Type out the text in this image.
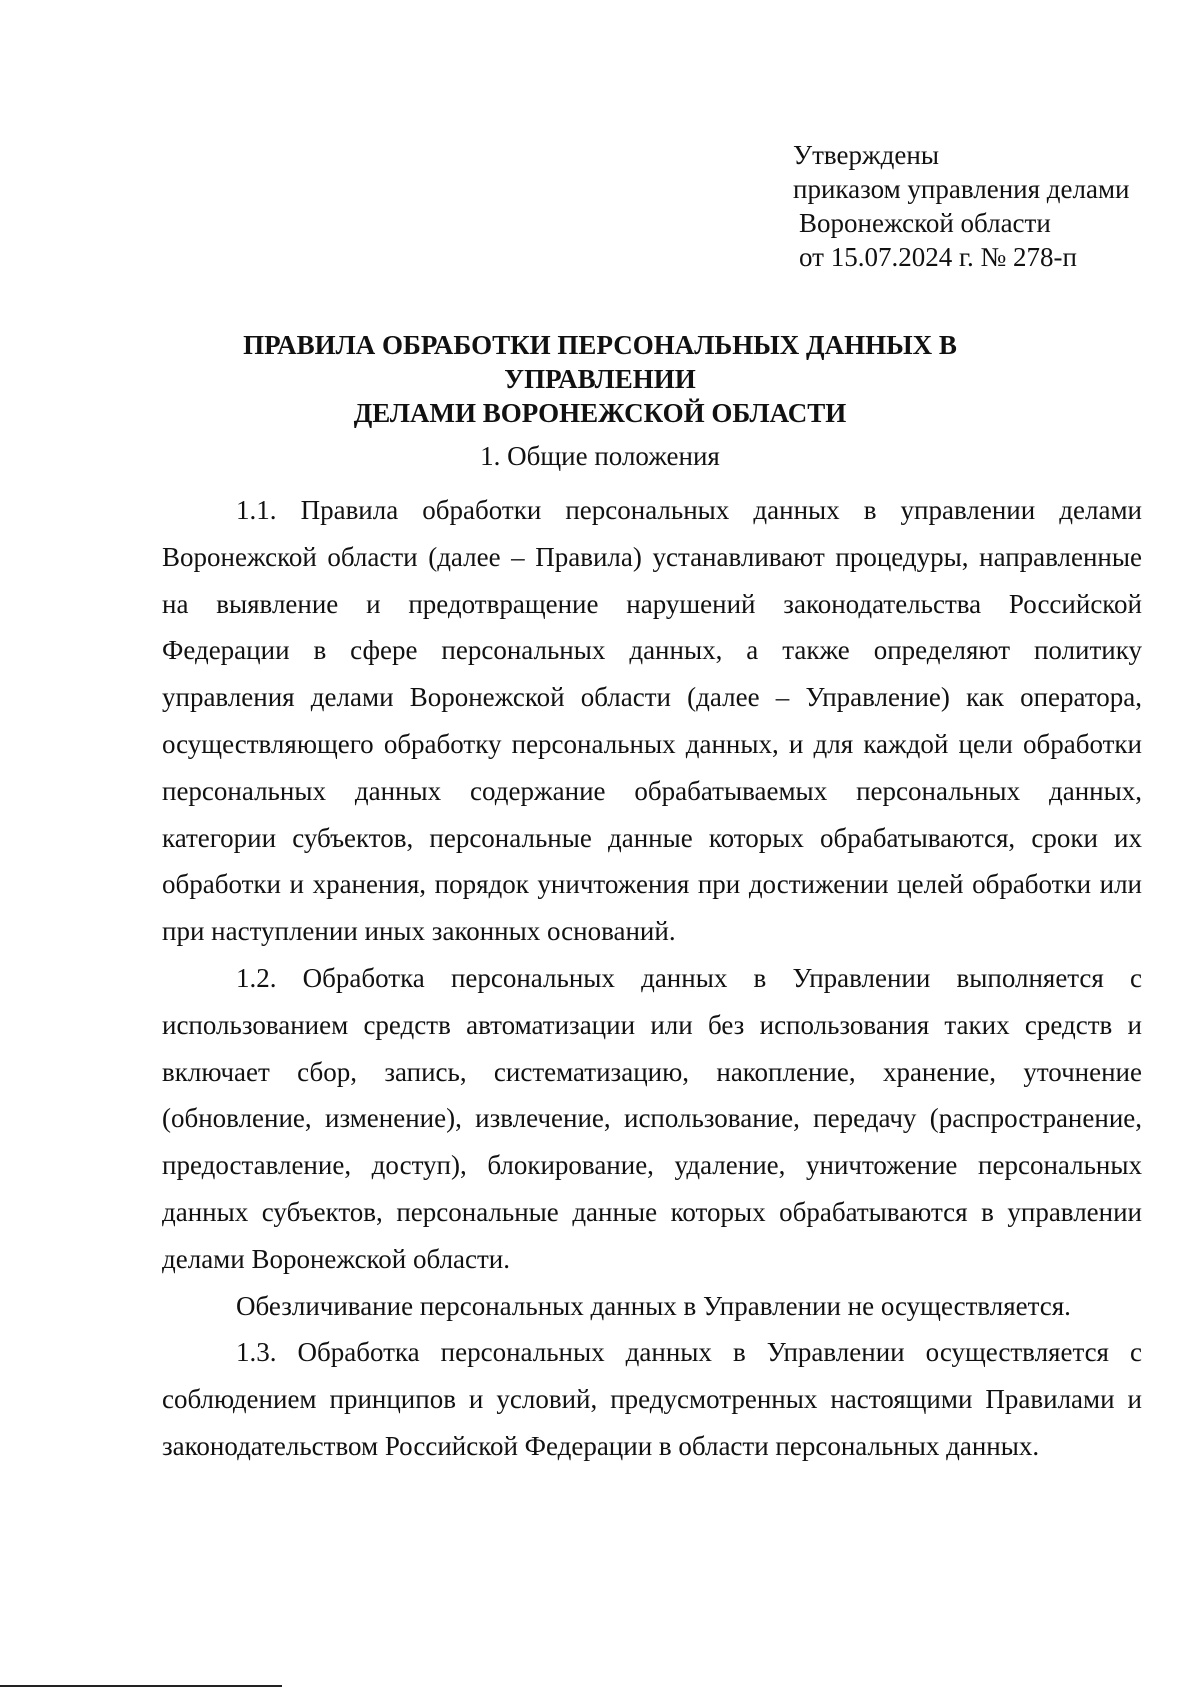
Утверждены
приказом управления делами
Воронежской области
от 15.07.2024 г. № 278-п
ПРАВИЛА ОБРАБОТКИ ПЕРСОНАЛЬНЫХ ДАННЫХ В УПРАВЛЕНИИ
ДЕЛАМИ ВОРОНЕЖСКОЙ ОБЛАСТИ
1. Общие положения

1.1. Правила обработки персональных данных в управлении делами Воронежской области (далее – Правила) устанавливают процедуры, направленные на выявление и предотвращение нарушений законодательства Российской Федерации в сфере персональных данных, а также определяют политику управления делами Воронежской области (далее – Управление) как оператора, осуществляющего обработку персональных данных, и для каждой цели обработки персональных данных содержание обрабатываемых персональных данных, категории субъектов, персональные данные которых обрабатываются, сроки их обработки и хранения, порядок уничтожения при достижении целей обработки или при наступлении иных законных оснований.

1.2. Обработка персональных данных в Управлении выполняется с использованием средств автоматизации или без использования таких средств и включает сбор, запись, систематизацию, накопление, хранение, уточнение (обновление, изменение), извлечение, использование, передачу (распространение, предоставление, доступ), блокирование, удаление, уничтожение персональных данных субъектов, персональные данные которых обрабатываются в управлении делами Воронежской области.

Обезличивание персональных данных в Управлении не осуществляется.

1.3. Обработка персональных данных в Управлении осуществляется с соблюдением принципов и условий, предусмотренных настоящими Правилами и законодательством Российской Федерации в области персональных данных.
